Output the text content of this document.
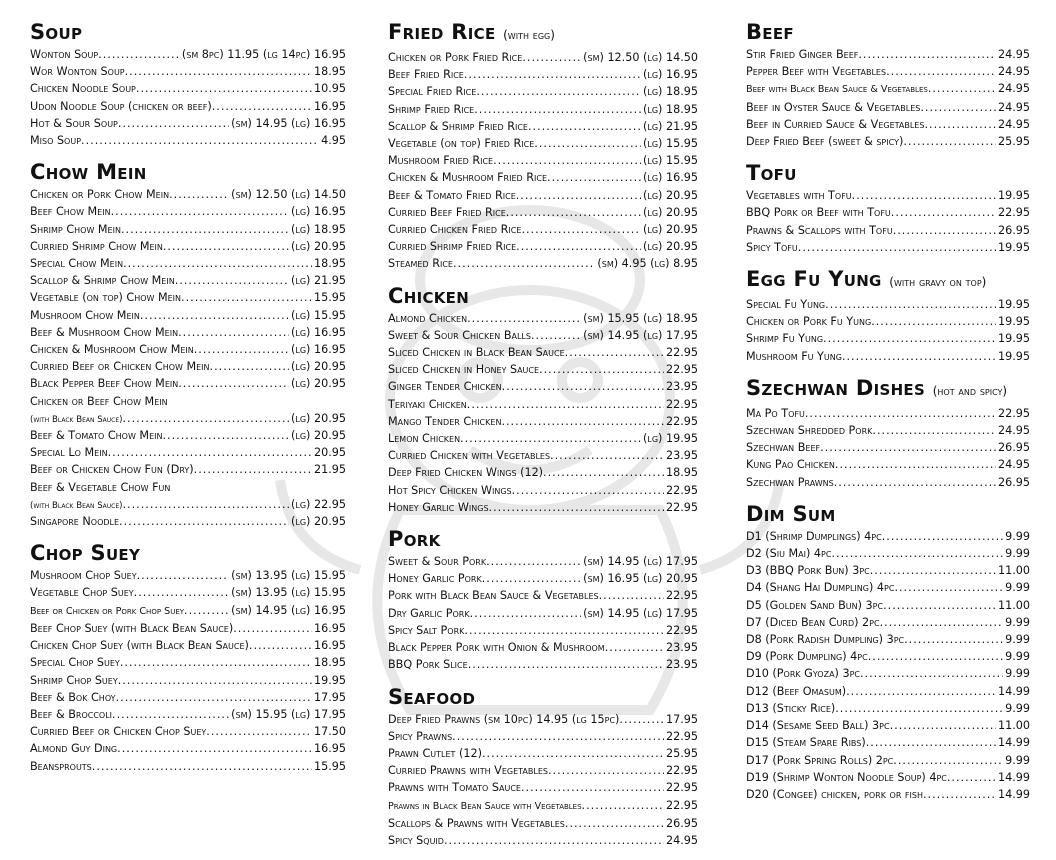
Soup
Wonton Soup .....	(sm 8pc) 11.95 (lg 14pc) 16.95
Wor Wonton Soup .....	18.95
Chicken Noodle Soup .....	10.95
Udon Noodle Soup (chicken or beef) .....	16.95
Hot & Sour Soup .....	(sm) 14.95 (lg) 16.95
Miso Soup .....	4.95
Chow Mein
Chicken or Pork Chow Mein .....	(sm) 12.50 (lg) 14.50
Beef Chow Mein .....	(lg) 16.95
Shrimp Chow Mein .....	(lg) 18.95
Curried Shrimp Chow Mein .....	(lg) 20.95
Special Chow Mein .....	18.95
Scallop & Shrimp Chow Mein .....	(lg) 21.95
Vegetable (on top) Chow Mein .....	15.95
Mushroom Chow Mein .....	(lg) 15.95
Beef & Mushroom Chow Mein .....	(lg) 16.95
Chicken & Mushroom Chow Mein .....	(lg) 16.95
Curried Beef or Chicken Chow Mein .....	(lg) 20.95
Black Pepper Beef Chow Mein .....	(lg) 20.95
Chicken or Beef Chow Mein
(with Black Bean Sauce) .....	(lg) 20.95
Beef & Tomato Chow Mein .....	(lg) 20.95
Special Lo Mein .....	20.95
Beef or Chicken Chow Fun (Dry) .....	21.95
Beef & Vegetable Chow Fun
(with Black Bean Sauce) .....	(lg) 22.95
Singapore Noodle .....	(lg) 20.95
Chop Suey
Mushroom Chop Suey .....	(sm) 13.95 (lg) 15.95
Vegetable Chop Suey .....	(sm) 13.95 (lg) 15.95
Beef or Chicken or Pork Chop Suey .....	(sm) 14.95 (lg) 16.95
Beef Chop Suey (with Black Bean Sauce) .....	16.95
Chicken Chop Suey (with Black Bean Sauce) .....	16.95
Special Chop Suey .....	18.95
Shrimp Chop Suey .....	19.95
Beef & Bok Choy .....	17.95
Beef & Broccoli .....	(sm) 15.95 (lg) 17.95
Curried Beef or Chicken Chop Suey .....	17.50
Almond Guy Ding .....	16.95
Beansprouts .....	15.95
Fried Rice (with egg)
Chicken or Pork Fried Rice .....	(sm) 12.50 (lg) 14.50
Beef Fried Rice .....	(lg) 16.95
Special Fried Rice .....	(lg) 18.95
Shrimp Fried Rice .....	(lg) 18.95
Scallop & Shrimp Fried Rice .....	(lg) 21.95
Vegetable (on top) Fried Rice .....	(lg) 15.95
Mushroom Fried Rice .....	(lg) 15.95
Chicken & Mushroom Fried Rice .....	(lg) 16.95
Beef & Tomato Fried Rice .....	(lg) 20.95
Curried Beef Fried Rice .....	(lg) 20.95
Curried Chicken Fried Rice .....	(lg) 20.95
Curried Shrimp Fried Rice .....	(lg) 20.95
Steamed Rice .....	(sm) 4.95 (lg) 8.95
Chicken
Almond Chicken .....	(sm) 15.95 (lg) 18.95
Sweet & Sour Chicken Balls .....	(sm) 14.95 (lg) 17.95
Sliced Chicken in Black Bean Sauce .....	22.95
Sliced Chicken in Honey Sauce .....	22.95
Ginger Tender Chicken .....	23.95
Teriyaki Chicken .....	22.95
Mango Tender Chicken .....	22.95
Lemon Chicken .....	(lg) 19.95
Curried Chicken with Vegetables .....	23.95
Deep Fried Chicken Wings (12) .....	18.95
Hot Spicy Chicken Wings .....	22.95
Honey Garlic Wings .....	22.95
Pork
Sweet & Sour Pork .....	(sm) 14.95 (lg) 17.95
Honey Garlic Pork .....	(sm) 16.95 (lg) 20.95
Pork with Black Bean Sauce & Vegetables .....	22.95
Dry Garlic Pork .....	(sm) 14.95 (lg) 17.95
Spicy Salt Pork .....	22.95
Black Pepper Pork with Onion & Mushroom .....	23.95
BBQ Pork Slice .....	23.95
Seafood
Deep Fried Prawns (sm 10pc) 14.95 (lg 15pc) .....	17.95
Spicy Prawns .....	22.95
Prawn Cutlet (12) .....	25.95
Curried Prawns with Vegetables .....	22.95
Prawns with Tomato Sauce .....	22.95
Prawns in Black Bean Sauce with Vegetables .....	22.95
Scallops & Prawns with Vegetables .....	26.95
Spicy Squid .....	24.95
Beef
Stir Fried Ginger Beef .....	24.95
Pepper Beef with Vegetables .....	24.95
Beef with Black Bean Sauce & Vegetables .....	24.95
Beef in Oyster Sauce & Vegetables .....	24.95
Beef in Curried Sauce & Vegetables .....	24.95
Deep Fried Beef (sweet & spicy) .....	25.95
Tofu
Vegetables with Tofu .....	19.95
BBQ Pork or Beef with Tofu .....	22.95
Prawns & Scallops with Tofu .....	26.95
Spicy Tofu .....	19.95
Egg Fu Yung (with gravy on top)
Special Fu Yung .....	19.95
Chicken or Pork Fu Yung .....	19.95
Shrimp Fu Yung .....	19.95
Mushroom Fu Yung .....	19.95
Szechwan Dishes (hot and spicy)
Ma Po Tofu .....	22.95
Szechwan Shredded Pork .....	24.95
Szechwan Beef .....	26.95
Kung Pao Chicken .....	24.95
Szechwan Prawns .....	26.95
Dim Sum
D1 (Shrimp Dumplings) 4pc .....	9.99
D2 (Siu Mai) 4pc .....	9.99
D3 (BBQ Pork Bun) 3pc .....	11.00
D4 (Shang Hai Dumpling) 4pc .....	9.99
D5 (Golden Sand Bun) 3pc .....	11.00
D7 (Diced Bean Curd) 2pc .....	9.99
D8 (Pork Radish Dumpling) 3pc .....	9.99
D9 (Pork Dumpling) 4pc .....	9.99
D10 (Pork Gyoza) 3pc .....	9.99
D12 (Beef Omasum) .....	14.99
D13 (Sticky Rice) .....	9.99
D14 (Sesame Seed Ball) 3pc .....	11.00
D15 (Steam Spare Ribs) .....	14.99
D17 (Pork Spring Rolls) 2pc .....	9.99
D19 (Shrimp Wonton Noodle Soup) 4pc .....	14.99
D20 (Congee) chicken, pork or fish .....	14.99
